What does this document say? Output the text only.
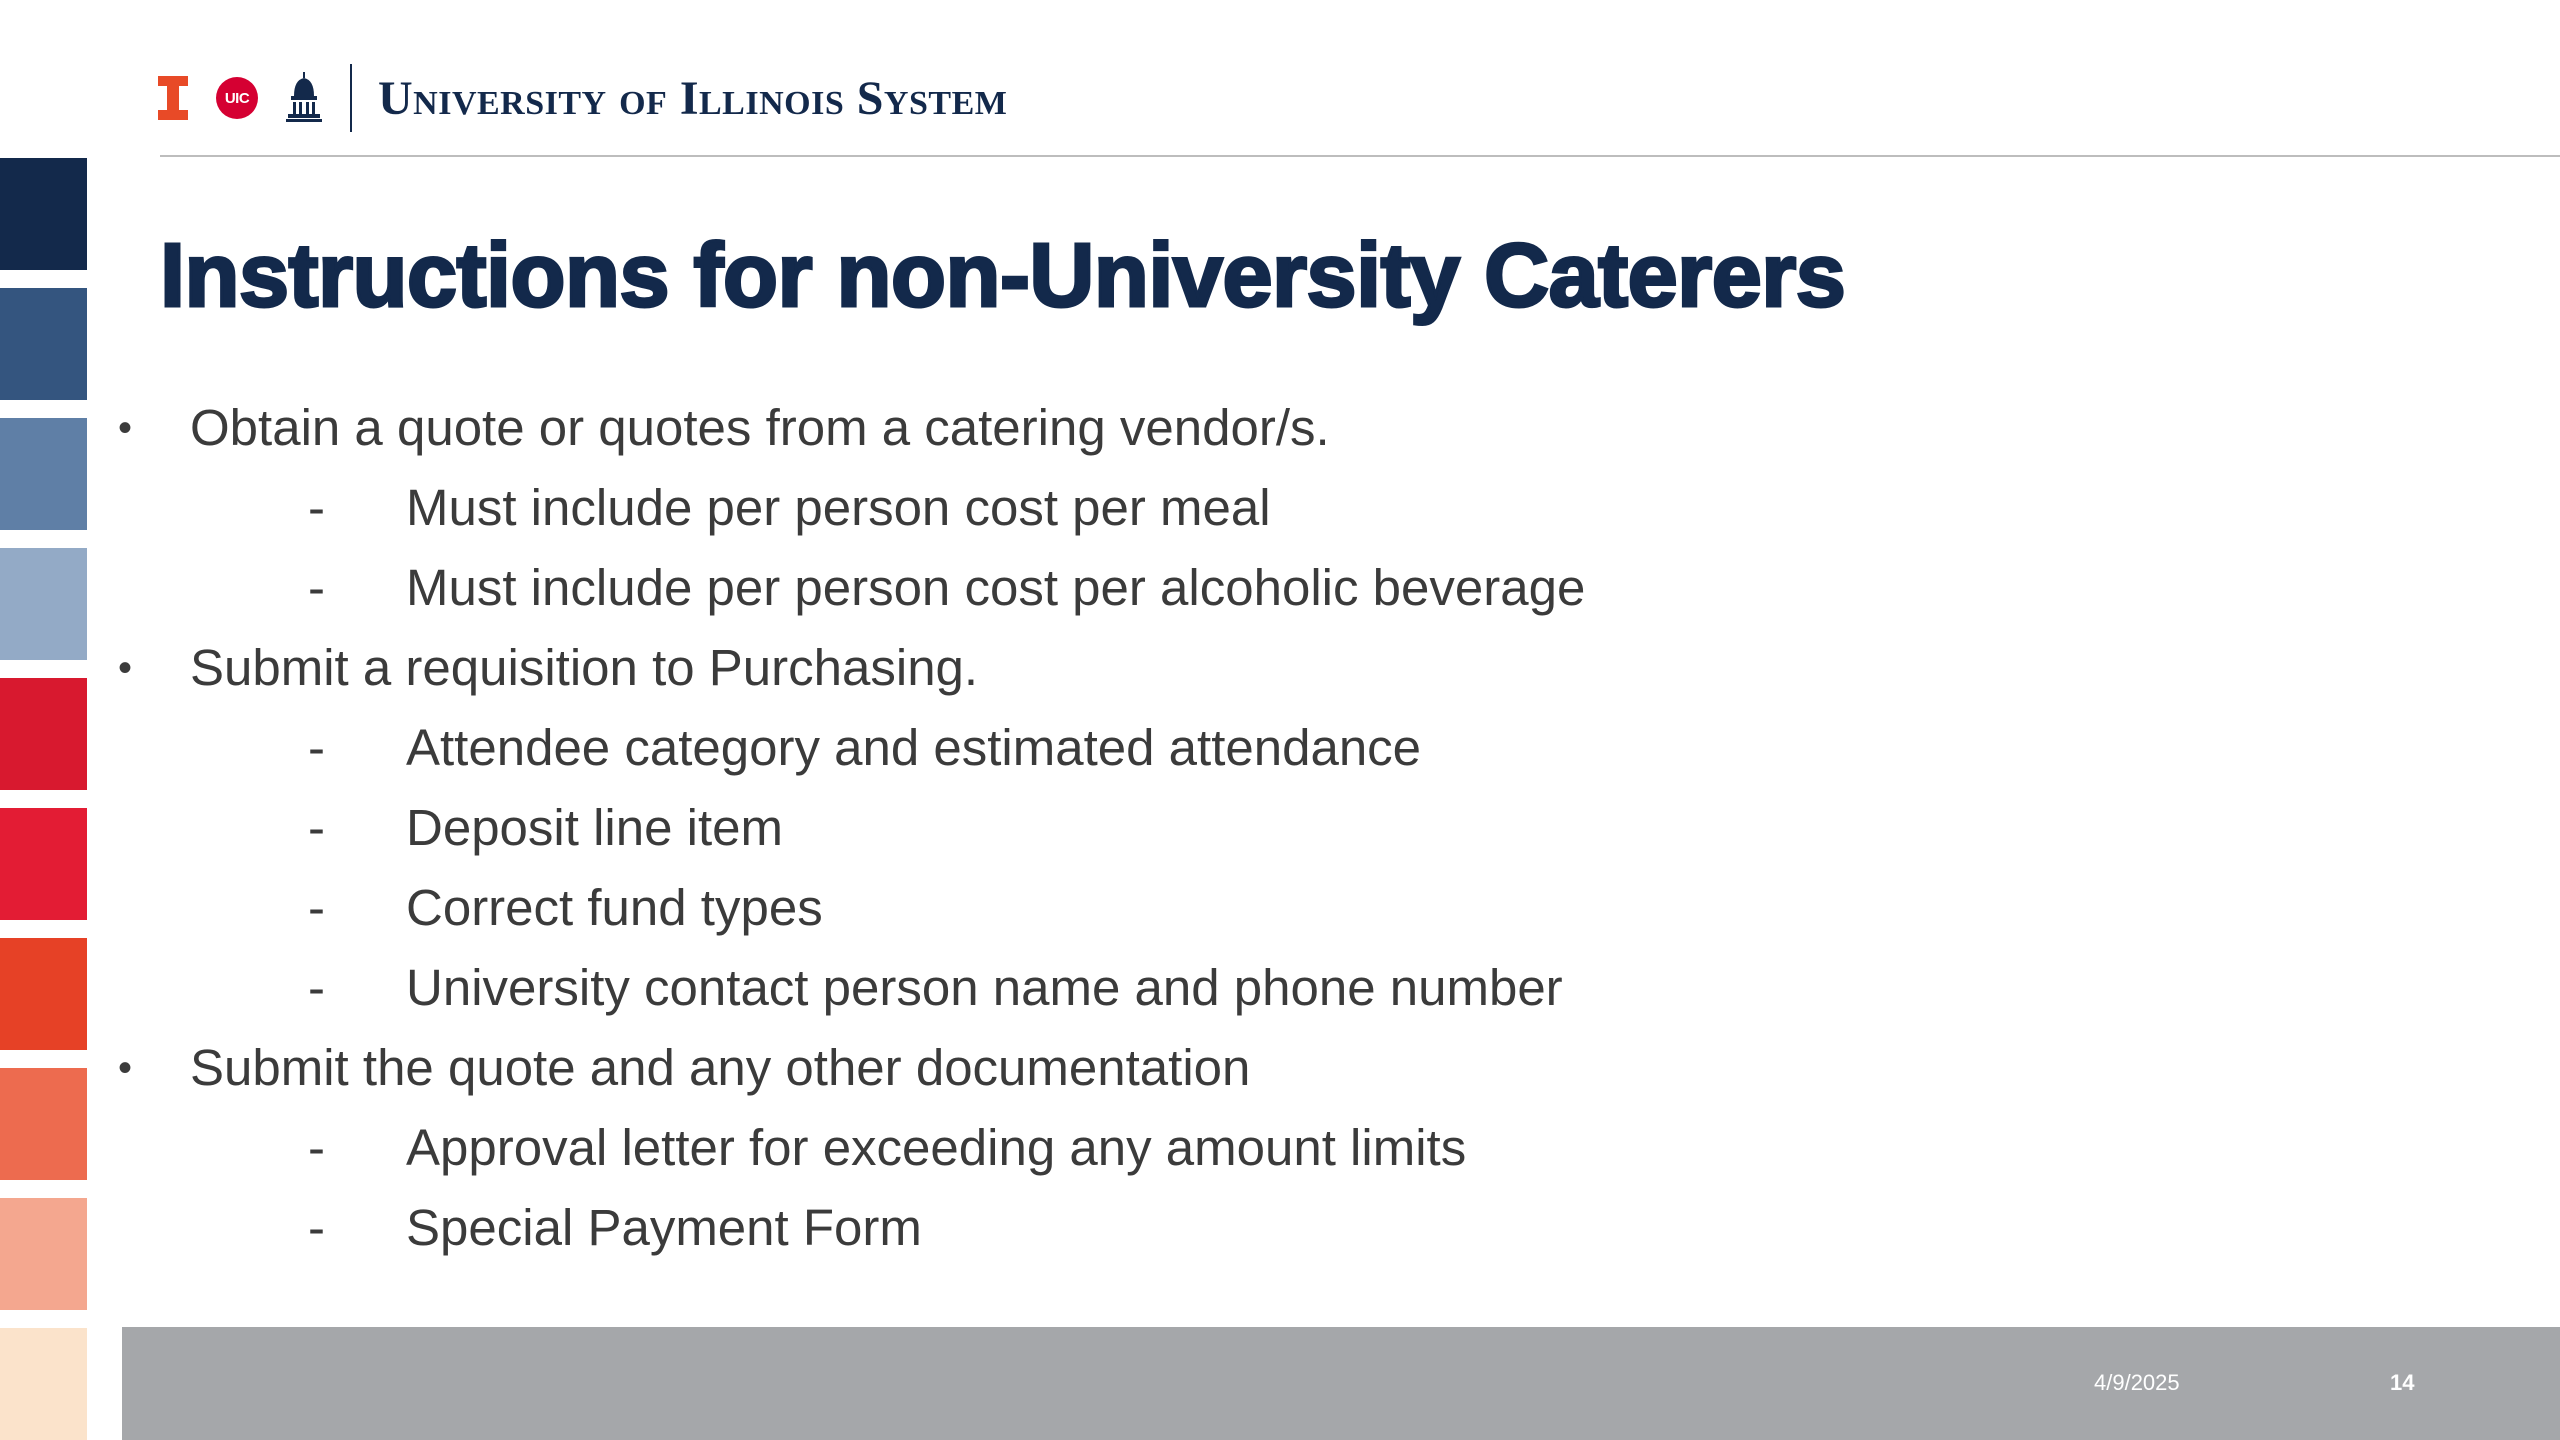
UIC	University of Illinois System
Instructions for non-University Caterers
• Obtain a quote or quotes from a catering vendor/s.
- Must include per person cost per meal
- Must include per person cost per alcoholic beverage
• Submit a requisition to Purchasing.
- Attendee category and estimated attendance
- Deposit line item
- Correct fund types
- University contact person name and phone number
• Submit the quote and any other documentation
- Approval letter for exceeding any amount limits
- Special Payment Form
4/9/2025	14
